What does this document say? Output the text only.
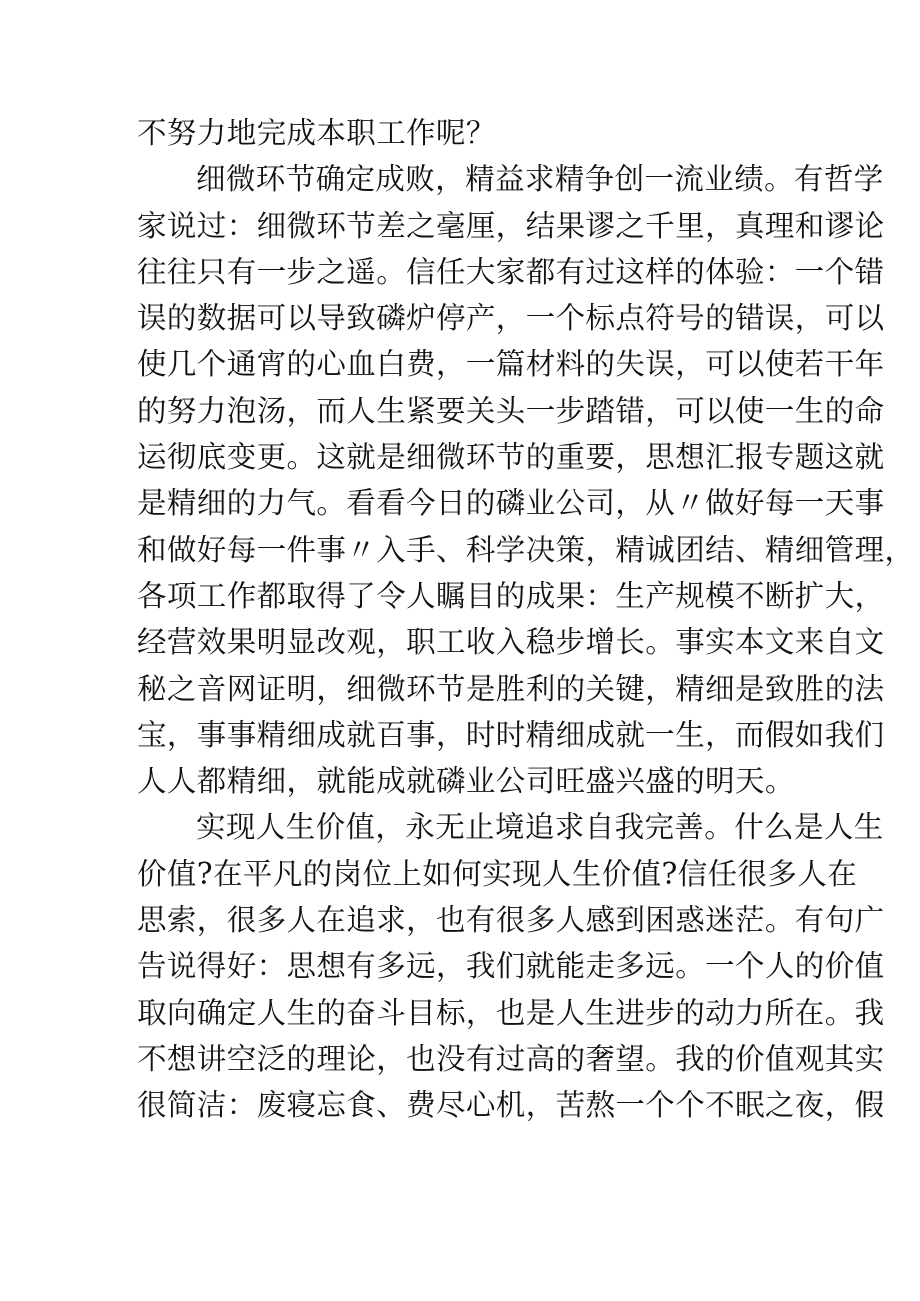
不努力地完成本职工作呢？
细微环节确定成败，精益求精争创一流业绩。有哲学
家说过：细微环节差之毫厘，结果谬之千里，真理和谬论
往往只有一步之遥。信任大家都有过这样的体验：一个错
误的数据可以导致磷炉停产，一个标点符号的错误，可以
使几个通宵的心血白费，一篇材料的失误，可以使若干年
的努力泡汤，而人生紧要关头一步踏错，可以使一生的命
运彻底变更。这就是细微环节的重要，思想汇报专题这就
是精细的力气。看看今日的磷业公司，从〃做好每一天事
和做好每一件事〃入手、科学决策，精诚团结、精细管理，
各项工作都取得了令人瞩目的成果：生产规模不断扩大，
经营效果明显改观，职工收入稳步增长。事实本文来自文
秘之音网证明，细微环节是胜利的关键，精细是致胜的法
宝，事事精细成就百事，时时精细成就一生，而假如我们
人人都精细，就能成就磷业公司旺盛兴盛的明天。
实现人生价值，永无止境追求自我完善。什么是人生
价值?在平凡的岗位上如何实现人生价值?信任很多人在
思索，很多人在追求，也有很多人感到困惑迷茫。有句广
告说得好：思想有多远，我们就能走多远。一个人的价值
取向确定人生的奋斗目标，也是人生进步的动力所在。我
不想讲空泛的理论，也没有过高的奢望。我的价值观其实
很简洁：废寝忘食、费尽心机，苦熬一个个不眠之夜，假
